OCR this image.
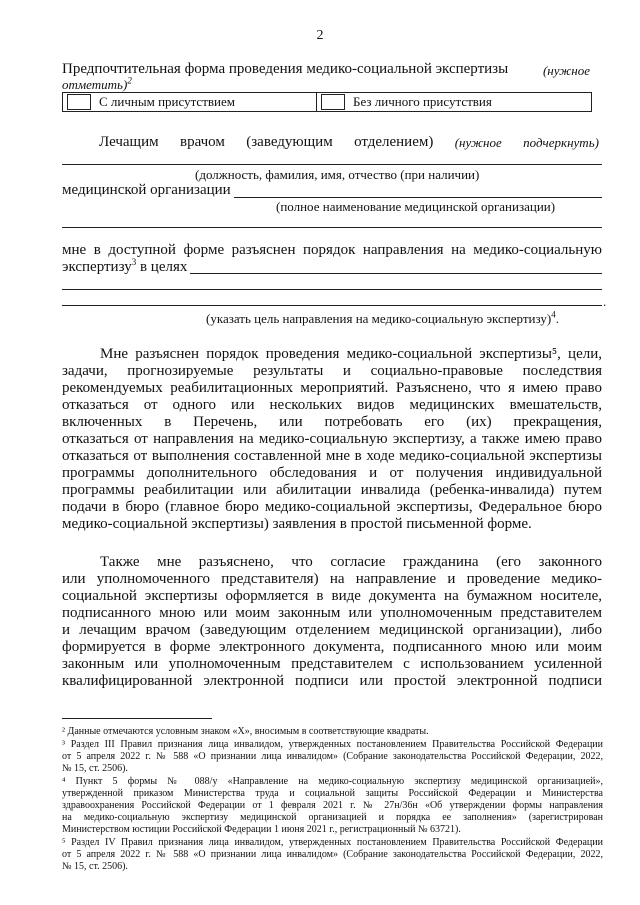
2
Предпочтительная форма проведения медико-социальной экспертизы	(нужное
отметить)$^2$
С личным присутствием	Без личного присутствия
Лечащим врачом (заведующим отделением) (нужное подчеркнуть)
(должность, фамилия, имя, отчество (при наличии)
медицинской организации
(полное наименование медицинской организации)
мне в доступной форме разъяснен порядок направления на медико-социальную
экспертизу$^3$ в целях
.
(указать цель направления на медико-социальную экспертизу)$^4$.
Мне разъяснен порядок проведения медико-социальной экспертизы⁵, цели,
задачи, прогнозируемые результаты и социально-правовые последствия
рекомендуемых реабилитационных мероприятий. Разъяснено, что я имею право
отказаться от одного или нескольких видов медицинских вмешательств,
включенных в Перечень, или потребовать его (их) прекращения,
отказаться от направления на медико-социальную экспертизу, а также имею право
отказаться от выполнения составленной мне в ходе медико-социальной экспертизы
программы дополнительного обследования и от получения индивидуальной
программы реабилитации или абилитации инвалида (ребенка-инвалида) путем
подачи в бюро (главное бюро медико-социальной экспертизы, Федеральное бюро
медико-социальной экспертизы) заявления в простой письменной форме.
Также мне разъяснено, что согласие гражданина (его законного
или уполномоченного представителя) на направление и проведение медико-
социальной экспертизы оформляется в виде документа на бумажном носителе,
подписанного мною или моим законным или уполномоченным представителем
и лечащим врачом (заведующим отделением медицинской организации), либо
формируется в форме электронного документа, подписанного мною или моим
законным или уполномоченным представителем с использованием усиленной
квалифицированной электронной подписи или простой электронной подписи
² Данные отмечаются условным знаком «X», вносимым в соответствующие квадраты.
³ Раздел III Правил признания лица инвалидом, утвержденных постановлением Правительства Российской Федерации
от 5 апреля 2022 г. № 588 «О признании лица инвалидом» (Собрание законодательства Российской Федерации, 2022,
№ 15, ст. 2506).
⁴ Пункт 5 формы № 088/у «Направление на медико-социальную экспертизу медицинской организацией»,
утвержденной приказом Министерства труда и социальной защиты Российской Федерации и Министерства
здравоохранения Российской Федерации от 1 февраля 2021 г. № 27н/36н «Об утверждении формы направления
на медико-социальную экспертизу медицинской организацией и порядка ее заполнения» (зарегистрирован
Министерством юстиции Российской Федерации 1 июня 2021 г., регистрационный № 63721).
⁵ Раздел IV Правил признания лица инвалидом, утвержденных постановлением Правительства Российской Федерации
от 5 апреля 2022 г. № 588 «О признании лица инвалидом» (Собрание законодательства Российской Федерации, 2022,
№ 15, ст. 2506).
